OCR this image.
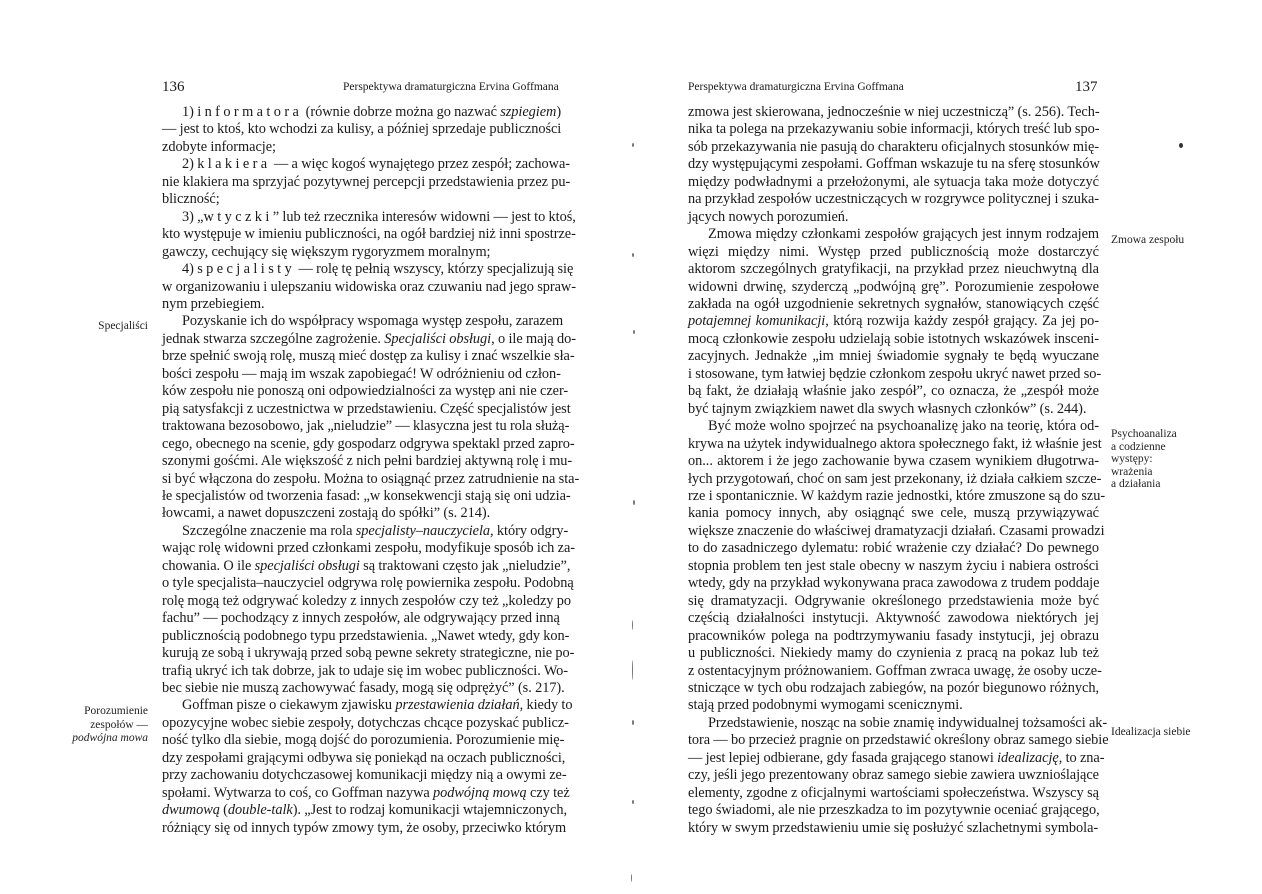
136	Perspektywa dramaturgiczna Ervina Goffmana
Specjaliści
Porozumienie
zespołów —
podwójna mowa
1) informatora (równie dobrze można go nazwać szpiegiem)
— jest to ktoś, kto wchodzi za kulisy, a później sprzedaje publiczności
zdobyte informacje;
2) klakiera — a więc kogoś wynajętego przez zespół; zachowa-
nie klakiera ma sprzyjać pozytywnej percepcji przedstawienia przez pu-
bliczność;
3) „wtyczki” lub też rzecznika interesów widowni — jest to ktoś,
kto występuje w imieniu publiczności, na ogół bardziej niż inni spostrze-
gawczy, cechujący się większym rygoryzmem moralnym;
4) specjalisty — rolę tę pełnią wszyscy, którzy specjalizują się
w organizowaniu i ulepszaniu widowiska oraz czuwaniu nad jego spraw-
nym przebiegiem.
Pozyskanie ich do współpracy wspomaga występ zespołu, zarazem
jednak stwarza szczególne zagrożenie. Specjaliści obsługi, o ile mają do-
brze spełnić swoją rolę, muszą mieć dostęp za kulisy i znać wszelkie sła-
bości zespołu — mają im wszak zapobiegać! W odróżnieniu od człon-
ków zespołu nie ponoszą oni odpowiedzialności za występ ani nie czer-
pią satysfakcji z uczestnictwa w przedstawieniu. Część specjalistów jest
traktowana bezosobowo, jak „nieludzie” — klasyczna jest tu rola służą-
cego, obecnego na scenie, gdy gospodarz odgrywa spektakl przed zapro-
szonymi gośćmi. Ale większość z nich pełni bardziej aktywną rolę i mu-
si być włączona do zespołu. Można to osiągnąć przez zatrudnienie na sta-
łe specjalistów od tworzenia fasad: „w konsekwencji stają się oni udzia-
łowcami, a nawet dopuszczeni zostają do spółki” (s. 214).
Szczególne znaczenie ma rola specjalisty–nauczyciela, który odgry-
wając rolę widowni przed członkami zespołu, modyfikuje sposób ich za-
chowania. O ile specjaliści obsługi są traktowani często jak „nieludzie”,
o tyle specjalista–nauczyciel odgrywa rolę powiernika zespołu. Podobną
rolę mogą też odgrywać koledzy z innych zespołów czy też „koledzy po
fachu” — pochodzący z innych zespołów, ale odgrywający przed inną
publicznością podobnego typu przedstawienia. „Nawet wtedy, gdy kon-
kurują ze sobą i ukrywają przed sobą pewne sekrety strategiczne, nie po-
trafią ukryć ich tak dobrze, jak to udaje się im wobec publiczności. Wo-
bec siebie nie muszą zachowywać fasady, mogą się odprężyć” (s. 217).
Goffman pisze o ciekawym zjawisku przestawienia działań, kiedy to
opozycyjne wobec siebie zespoły, dotychczas chcące pozyskać publicz-
ność tylko dla siebie, mogą dojść do porozumienia. Porozumienie mię-
dzy zespołami grającymi odbywa się poniekąd na oczach publiczności,
przy zachowaniu dotychczasowej komunikacji między nią a owymi ze-
społami. Wytwarza to coś, co Goffman nazywa podwójną mową czy też
dwumową (double-talk). „Jest to rodzaj komunikacji wtajemniczonych,
różniący się od innych typów zmowy tym, że osoby, przeciwko którym
Perspektywa dramaturgiczna Ervina Goffmana	137
Zmowa zespołu
Psychoanaliza
a codzienne
występy:
wrażenia
a działania
Idealizacja siebie
zmowa jest skierowana, jednocześnie w niej uczestniczą” (s. 256). Tech-
nika ta polega na przekazywaniu sobie informacji, których treść lub spo-
sób przekazywania nie pasują do charakteru oficjalnych stosunków mię-
dzy występującymi zespołami. Goffman wskazuje tu na sferę stosunków
między podwładnymi a przełożonymi, ale sytuacja taka może dotyczyć
na przykład zespołów uczestniczących w rozgrywce politycznej i szuka-
jących nowych porozumień.
Zmowa między członkami zespołów grających jest innym rodzajem
więzi między nimi. Występ przed publicznością może dostarczyć
aktorom szczególnych gratyfikacji, na przykład przez nieuchwytną dla
widowni drwinę, szyderczą „podwójną grę”. Porozumienie zespołowe
zakłada na ogół uzgodnienie sekretnych sygnałów, stanowiących część
potajemnej komunikacji, którą rozwija każdy zespół grający. Za jej po-
mocą członkowie zespołu udzielają sobie istotnych wskazówek insceni-
zacyjnych. Jednakże „im mniej świadomie sygnały te będą wyuczane
i stosowane, tym łatwiej będzie członkom zespołu ukryć nawet przed so-
bą fakt, że działają właśnie jako zespół”, co oznacza, że „zespół może
być tajnym związkiem nawet dla swych własnych członków” (s. 244).
Być może wolno spojrzeć na psychoanalizę jako na teorię, która od-
krywa na użytek indywidualnego aktora społecznego fakt, iż właśnie jest
on... aktorem i że jego zachowanie bywa czasem wynikiem długotrwa-
łych przygotowań, choć on sam jest przekonany, iż działa całkiem szcze-
rze i spontanicznie. W każdym razie jednostki, które zmuszone są do szu-
kania pomocy innych, aby osiągnąć swe cele, muszą przywiązywać
większe znaczenie do właściwej dramatyzacji działań. Czasami prowadzi
to do zasadniczego dylematu: robić wrażenie czy działać? Do pewnego
stopnia problem ten jest stale obecny w naszym życiu i nabiera ostrości
wtedy, gdy na przykład wykonywana praca zawodowa z trudem poddaje
się dramatyzacji. Odgrywanie określonego przedstawienia może być
częścią działalności instytucji. Aktywność zawodowa niektórych jej
pracowników polega na podtrzymywaniu fasady instytucji, jej obrazu
u publiczności. Niekiedy mamy do czynienia z pracą na pokaz lub też
z ostentacyjnym próżnowaniem. Goffman zwraca uwagę, że osoby ucze-
stniczące w tych obu rodzajach zabiegów, na pozór biegunowo różnych,
stają przed podobnymi wymogami scenicznymi.
Przedstawienie, nosząc na sobie znamię indywidualnej tożsamości ak-
tora –– bo przecież pragnie on przedstawić określony obraz samego siebie
–– jest lepiej odbierane, gdy fasada grającego stanowi idealizację, to zna-
czy, jeśli jego prezentowany obraz samego siebie zawiera uwznioślające
elementy, zgodne z oficjalnymi wartościami społeczeństwa. Wszyscy są
tego świadomi, ale nie przeszkadza to im pozytywnie oceniać grającego,
który w swym przedstawieniu umie się posłużyć szlachetnymi symbola-
